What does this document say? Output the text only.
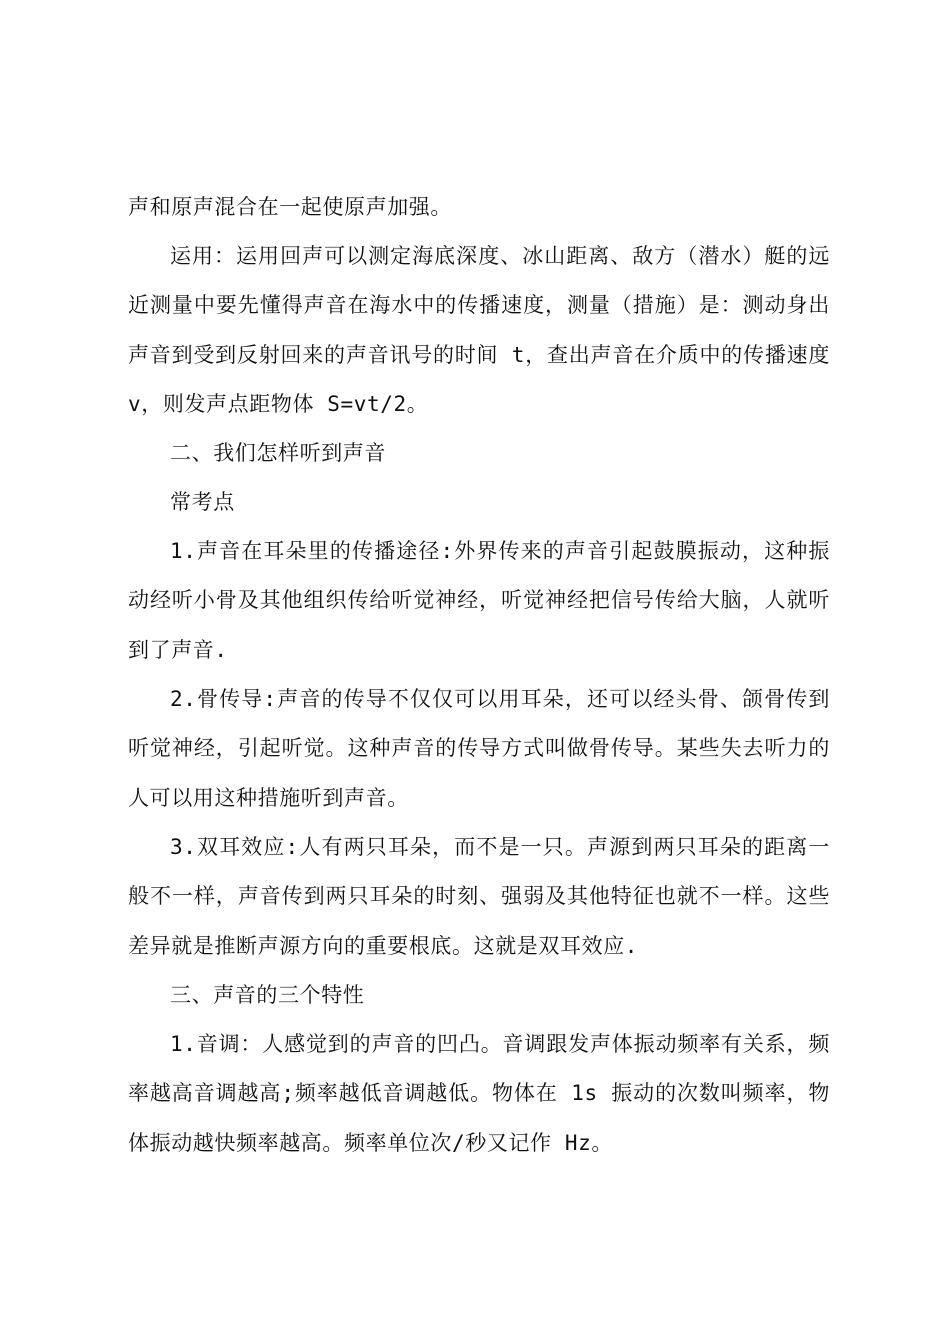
声和原声混合在一起使原声加强。

运用：运用回声可以测定海底深度、冰山距离、敌方（潜水）艇的远近测量中要先懂得声音在海水中的传播速度，测量（措施）是：测动身出声音到受到反射回来的声音讯号的时间 t，查出声音在介质中的传播速度 v，则发声点距物体 S=vt/2。

二、我们怎样听到声音

常考点

1.声音在耳朵里的传播途径:外界传来的声音引起鼓膜振动，这种振动经听小骨及其他组织传给听觉神经，听觉神经把信号传给大脑，人就听到了声音.

2.骨传导:声音的传导不仅仅可以用耳朵，还可以经头骨、颌骨传到听觉神经，引起听觉。这种声音的传导方式叫做骨传导。某些失去听力的人可以用这种措施听到声音。

3.双耳效应:人有两只耳朵，而不是一只。声源到两只耳朵的距离一般不一样，声音传到两只耳朵的时刻、强弱及其他特征也就不一样。这些差异就是推断声源方向的重要根底。这就是双耳效应.

三、声音的三个特性

1.音调：人感觉到的声音的凹凸。音调跟发声体振动频率有关系，频率越高音调越高;频率越低音调越低。物体在 1s 振动的次数叫频率，物体振动越快频率越高。频率单位次/秒又记作 Hz。
